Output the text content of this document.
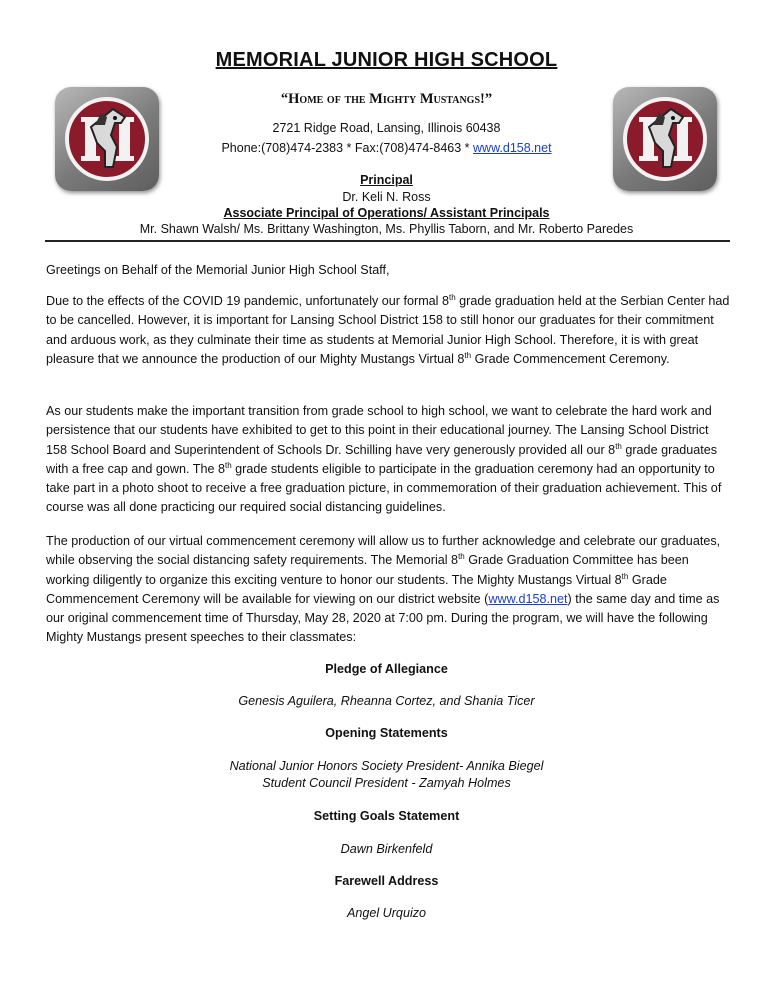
MEMORIAL JUNIOR HIGH SCHOOL
“Home of the Mighty Mustangs!”
2721 Ridge Road, Lansing, Illinois 60438
Phone:(708)474-2383 * Fax:(708)474-8463 * www.d158.net
Principal
Dr. Keli N. Ross
Associate Principal of Operations/ Assistant Principals
Mr. Shawn Walsh/ Ms. Brittany Washington, Ms. Phyllis Taborn, and Mr. Roberto Paredes

Greetings on Behalf of the Memorial Junior High School Staff,

Due to the effects of the COVID 19 pandemic, unfortunately our formal 8th grade graduation held at the Serbian Center had to be cancelled. However, it is important for Lansing School District 158 to still honor our graduates for their commitment and arduous work, as they culminate their time as students at Memorial Junior High School. Therefore, it is with great pleasure that we announce the production of our Mighty Mustangs Virtual 8th Grade Commencement Ceremony.

As our students make the important transition from grade school to high school, we want to celebrate the hard work and persistence that our students have exhibited to get to this point in their educational journey. The Lansing School District 158 School Board and Superintendent of Schools Dr. Schilling have very generously provided all our 8th grade graduates with a free cap and gown. The 8th grade students eligible to participate in the graduation ceremony had an opportunity to take part in a photo shoot to receive a free graduation picture, in commemoration of their graduation achievement. This of course was all done practicing our required social distancing guidelines.

The production of our virtual commencement ceremony will allow us to further acknowledge and celebrate our graduates, while observing the social distancing safety requirements. The Memorial 8th Grade Graduation Committee has been working diligently to organize this exciting venture to honor our students. The Mighty Mustangs Virtual 8th Grade Commencement Ceremony will be available for viewing on our district website (www.d158.net) the same day and time as our original commencement time of Thursday, May 28, 2020 at 7:00 pm. During the program, we will have the following Mighty Mustangs present speeches to their classmates:

Pledge of Allegiance
Genesis Aguilera, Rheanna Cortez, and Shania Ticer
Opening Statements
National Junior Honors Society President- Annika Biegel
Student Council President - Zamyah Holmes
Setting Goals Statement
Dawn Birkenfeld
Farewell Address
Angel Urquizo
